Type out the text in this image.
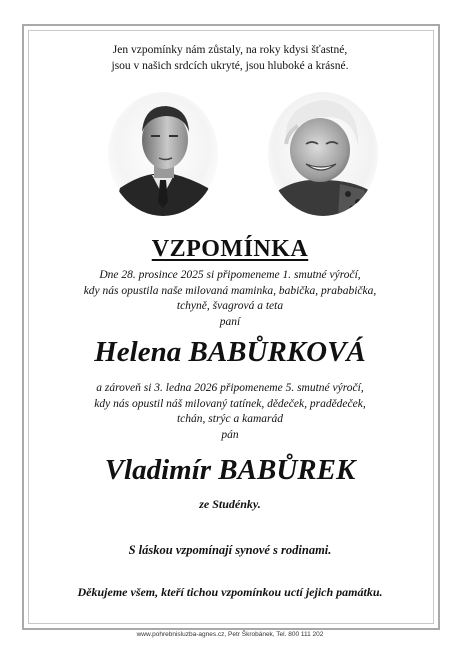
Jen vzpomínky nám zůstaly, na roky kdysi šťastné,
jsou v našich srdcích ukryté, jsou hluboké a krásné.
VZPOMÍNKA
Dne 28. prosince 2025 si připomeneme 1. smutné výročí,
kdy nás opustila naše milovaná maminka, babička, prababička,
tchyně, švagrová a teta
paní
Helena BABŮRKOVÁ
a zároveň si 3. ledna 2026 připomeneme 5. smutné výročí,
kdy nás opustil náš milovaný tatínek, dědeček, pradědeček,
tchán, strýc a kamarád
pán
Vladimír BABŮREK
ze Studénky.
S láskou vzpomínají synové s rodinami.
Děkujeme všem, kteří tichou vzpomínkou uctí jejich památku.
www.pohrebnisluzba-agnes.cz, Petr Škrobánek, Tel. 800 111 202
